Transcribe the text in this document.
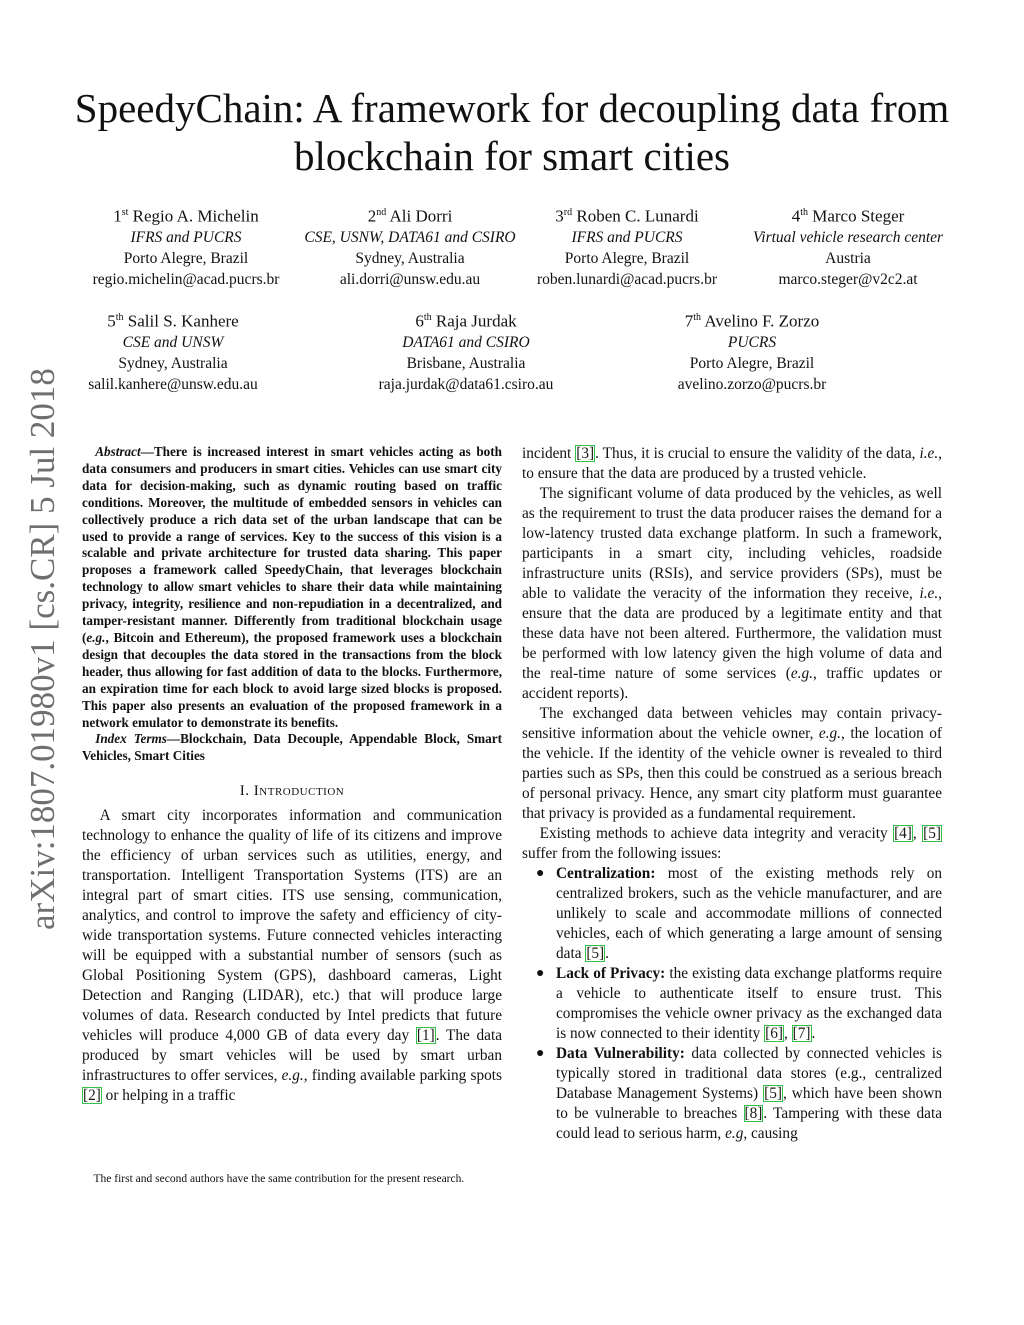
arXiv:1807.01980v1 [cs.CR] 5 Jul 2018
SpeedyChain: A framework for decoupling data from blockchain for smart cities
1st Regio A. Michelin
IFRS and PUCRS
Porto Alegre, Brazil
regio.michelin@acad.pucrs.br
2nd Ali Dorri
CSE, USNW, DATA61 and CSIRO
Sydney, Australia
ali.dorri@unsw.edu.au
3rd Roben C. Lunardi
IFRS and PUCRS
Porto Alegre, Brazil
roben.lunardi@acad.pucrs.br
4th Marco Steger
Virtual vehicle research center
Austria
marco.steger@v2c2.at
5th Salil S. Kanhere
CSE and UNSW
Sydney, Australia
salil.kanhere@unsw.edu.au
6th Raja Jurdak
DATA61 and CSIRO
Brisbane, Australia
raja.jurdak@data61.csiro.au
7th Avelino F. Zorzo
PUCRS
Porto Alegre, Brazil
avelino.zorzo@pucrs.br

Abstract—There is increased interest in smart vehicles acting as both data consumers and producers in smart cities. Vehicles can use smart city data for decision-making, such as dynamic routing based on traffic conditions. Moreover, the multitude of embedded sensors in vehicles can collectively produce a rich data set of the urban landscape that can be used to provide a range of services. Key to the success of this vision is a scalable and private architecture for trusted data sharing. This paper proposes a framework called SpeedyChain, that leverages blockchain technology to allow smart vehicles to share their data while maintaining privacy, integrity, resilience and non-repudiation in a decentralized, and tamper-resistant manner. Differently from traditional blockchain usage (e.g., Bitcoin and Ethereum), the proposed framework uses a blockchain design that decouples the data stored in the transactions from the block header, thus allowing for fast addition of data to the blocks. Furthermore, an expiration time for each block to avoid large sized blocks is proposed. This paper also presents an evaluation of the proposed framework in a network emulator to demonstrate its benefits.

Index Terms—Blockchain, Data Decouple, Appendable Block, Smart Vehicles, Smart Cities

I. Introduction

A smart city incorporates information and communication technology to enhance the quality of life of its citizens and improve the efficiency of urban services such as utilities, energy, and transportation. Intelligent Transportation Systems (ITS) are an integral part of smart cities. ITS use sensing, communication, analytics, and control to improve the safety and efficiency of city-wide transportation systems. Future connected vehicles interacting will be equipped with a substantial number of sensors (such as Global Positioning System (GPS), dashboard cameras, Light Detection and Ranging (LIDAR), etc.) that will produce large volumes of data. Research conducted by Intel predicts that future vehicles will produce 4,000 GB of data every day [1]. The data produced by smart vehicles will be used by smart urban infrastructures to offer services, e.g., finding available parking spots [2] or helping in a traffic

The first and second authors have the same contribution for the present research.

incident [3]. Thus, it is crucial to ensure the validity of the data, i.e., to ensure that the data are produced by a trusted vehicle.

The significant volume of data produced by the vehicles, as well as the requirement to trust the data producer raises the demand for a low-latency trusted data exchange platform. In such a framework, participants in a smart city, including vehicles, roadside infrastructure units (RSIs), and service providers (SPs), must be able to validate the veracity of the information they receive, i.e., ensure that the data are produced by a legitimate entity and that these data have not been altered. Furthermore, the validation must be performed with low latency given the high volume of data and the real-time nature of some services (e.g., traffic updates or accident reports).

The exchanged data between vehicles may contain privacy-sensitive information about the vehicle owner, e.g., the location of the vehicle. If the identity of the vehicle owner is revealed to third parties such as SPs, then this could be construed as a serious breach of personal privacy. Hence, any smart city platform must guarantee that privacy is provided as a fundamental requirement.

Existing methods to achieve data integrity and veracity [4], [5] suffer from the following issues:

● Centralization: most of the existing methods rely on centralized brokers, such as the vehicle manufacturer, and are unlikely to scale and accommodate millions of connected vehicles, each of which generating a large amount of sensing data [5].
● Lack of Privacy: the existing data exchange platforms require a vehicle to authenticate itself to ensure trust. This compromises the vehicle owner privacy as the exchanged data is now connected to their identity [6], [7].
● Data Vulnerability: data collected by connected vehicles is typically stored in traditional data stores (e.g., centralized Database Management Systems) [5], which have been shown to be vulnerable to breaches [8]. Tampering with these data could lead to serious harm, e.g, causing
